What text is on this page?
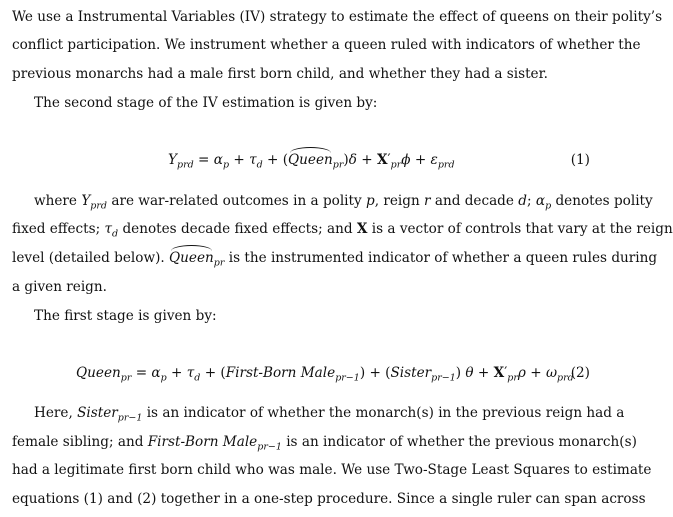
We use a Instrumental Variables (IV) strategy to estimate the effect of queens on their polity’s
conflict participation. We instrument whether a queen ruled with indicators of whether the
previous monarchs had a male first born child, and whether they had a sister.
The second stage of the IV estimation is given by:
$Y_{prd} = \alpha_p + \tau_d$ + (Queen$_{pr}$)δ + $X'_{pr}\phi + \varepsilon_{prd}$	(1)
where $Y_{prd}$ are war-related outcomes in a polity p, reign r and decade d; $\alpha_p$ denotes polity
fixed effects; $\tau_d$ denotes decade fixed effects; and X is a vector of controls that vary at the reign
level (detailed below). Queen$_{pr}$ is the instrumented indicator of whether a queen rules during
a given reign.
The first stage is given by:
Queen$_{pr}$ = $\alpha_p + \tau_d$ + (First-Born Male$_{pr-1}$) + (Sister$_{pr-1}$) $\theta + X'_{pr}\rho + \omega_{prd}$
(2)
Here, Sister$_{pr-1}$ is an indicator of whether the monarch(s) in the previous reign had a
female sibling; and First-Born Male$_{pr-1}$ is an indicator of whether the previous monarch(s)
had a legitimate first born child who was male. We use Two-Stage Least Squares to estimate
equations (1) and (2) together in a one-step procedure. Since a single ruler can span across
